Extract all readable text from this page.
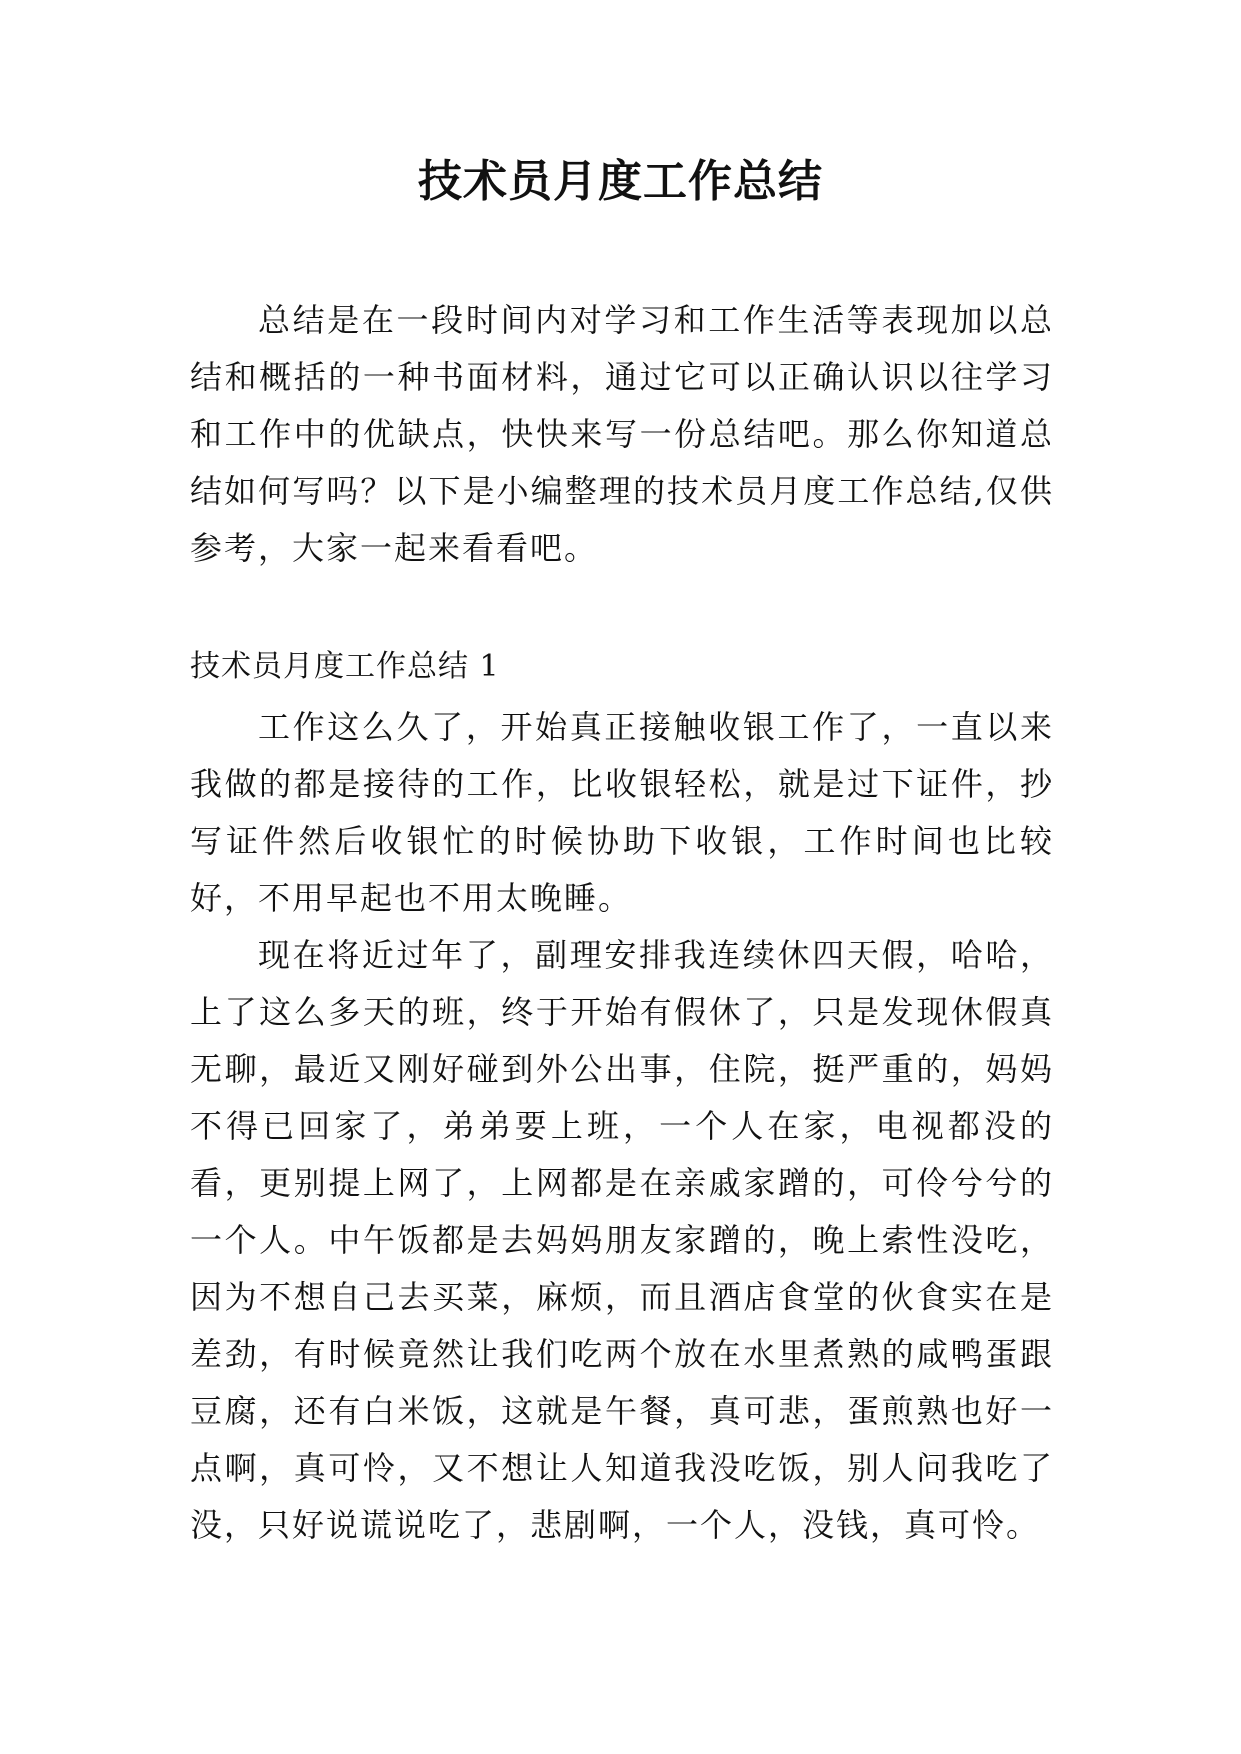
技术员月度工作总结

总结是在一段时间内对学习和工作生活等表现加以总结和概括的一种书面材料，通过它可以正确认识以往学习和工作中的优缺点，快快来写一份总结吧。那么你知道总结如何写吗？以下是小编整理的技术员月度工作总结,仅供参考，大家一起来看看吧。

技术员月度工作总结 1

工作这么久了，开始真正接触收银工作了，一直以来我做的都是接待的工作，比收银轻松，就是过下证件，抄写证件然后收银忙的时候协助下收银，工作时间也比较好，不用早起也不用太晚睡。

现在将近过年了，副理安排我连续休四天假，哈哈，上了这么多天的班，终于开始有假休了，只是发现休假真无聊，最近又刚好碰到外公出事，住院，挺严重的，妈妈不得已回家了，弟弟要上班，一个人在家，电视都没的看，更别提上网了，上网都是在亲戚家蹭的，可伶兮兮的一个人。中午饭都是去妈妈朋友家蹭的，晚上索性没吃，因为不想自己去买菜，麻烦，而且酒店食堂的伙食实在是差劲，有时候竟然让我们吃两个放在水里煮熟的咸鸭蛋跟豆腐，还有白米饭，这就是午餐，真可悲，蛋煎熟也好一点啊，真可怜，又不想让人知道我没吃饭，别人问我吃了没，只好说谎说吃了，悲剧啊，一个人，没钱，真可怜。
